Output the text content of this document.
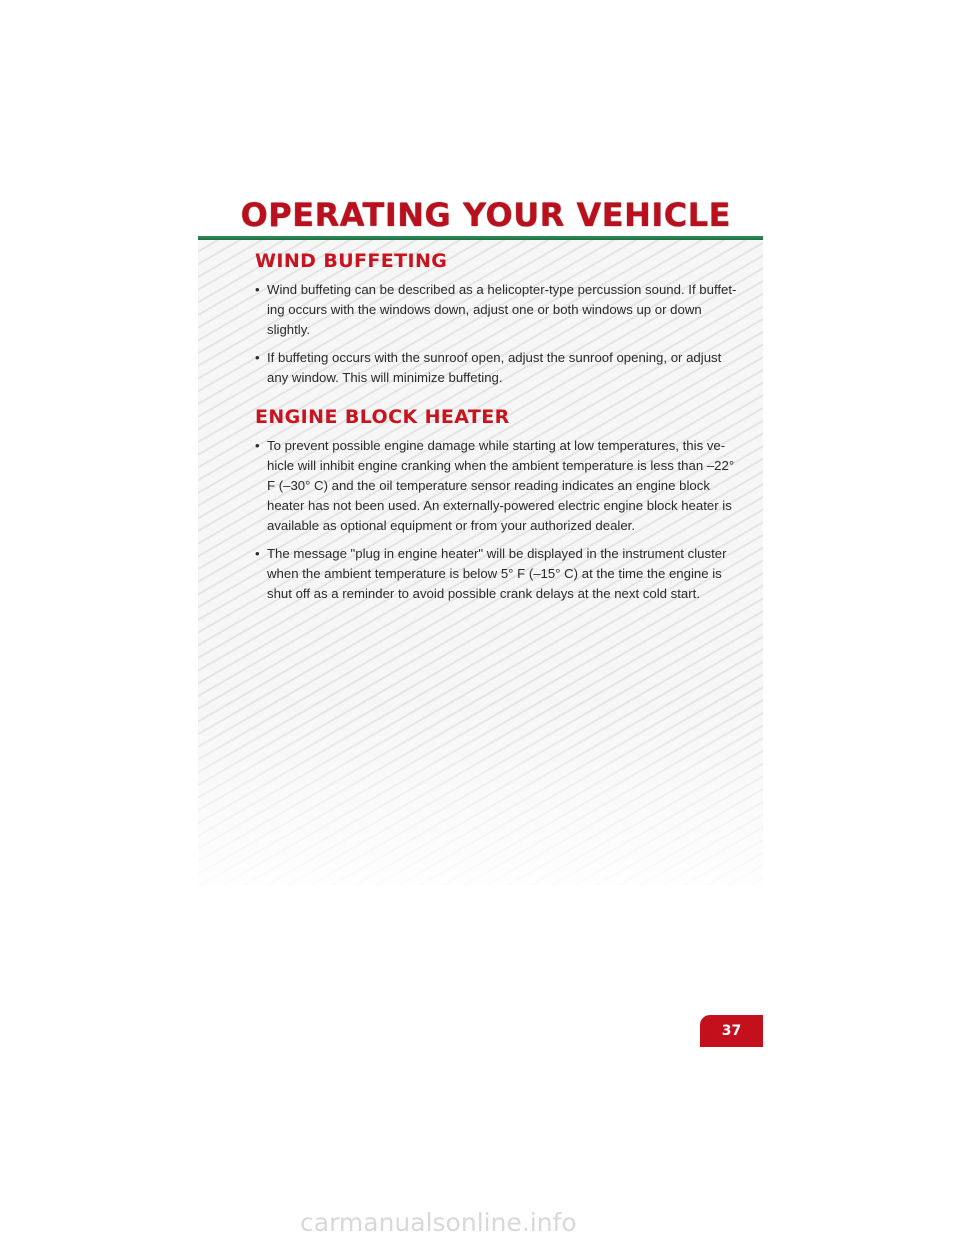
OPERATING YOUR VEHICLE
WIND BUFFETING
• Wind buffeting can be described as a helicopter-type percussion sound. If buffet- ing occurs with the windows down, adjust one or both windows up or down slightly.
• If buffeting occurs with the sunroof open, adjust the sunroof opening, or adjust any window. This will minimize buffeting.
ENGINE BLOCK HEATER
• To prevent possible engine damage while starting at low temperatures, this ve- hicle will inhibit engine cranking when the ambient temperature is less than –22° F (–30° C) and the oil temperature sensor reading indicates an engine block heater has not been used. An externally-powered electric engine block heater is available as optional equipment or from your authorized dealer.
• The message "plug in engine heater" will be displayed in the instrument cluster when the ambient temperature is below 5° F (–15° C) at the time the engine is shut off as a reminder to avoid possible crank delays at the next cold start.
37
carmanualsonline.info
